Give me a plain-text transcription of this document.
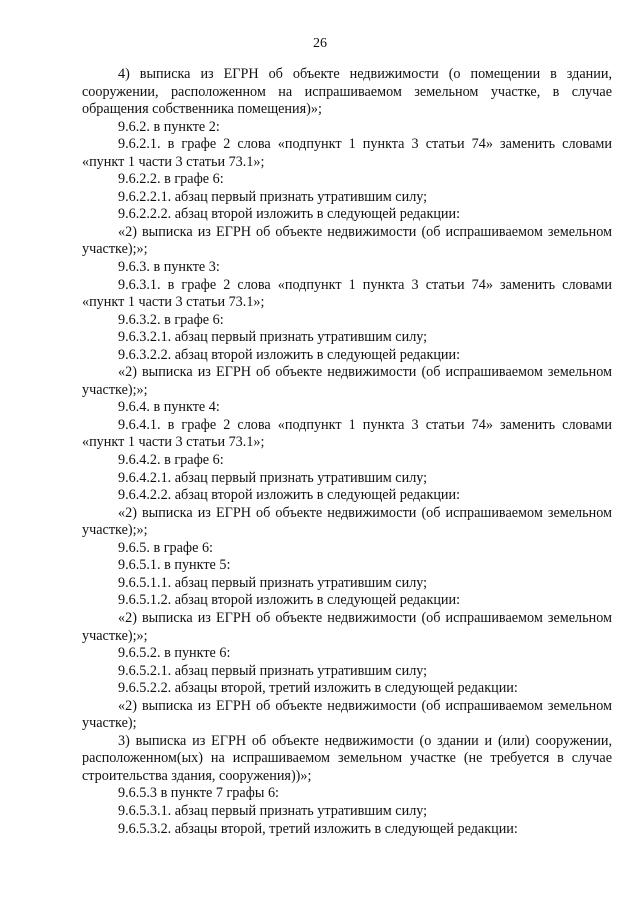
26

4) выписка из ЕГРН об объекте недвижимости (о помещении в здании, сооружении, расположенном на испрашиваемом земельном участке, в случае обращения собственника помещения)»;

9.6.2. в пункте 2:

9.6.2.1. в графе 2 слова «подпункт 1 пункта 3 статьи 74» заменить словами «пункт 1 части 3 статьи 73.1»;

9.6.2.2. в графе 6:

9.6.2.2.1. абзац первый признать утратившим силу;

9.6.2.2.2. абзац второй изложить в следующей редакции:

«2) выписка из ЕГРН об объекте недвижимости (об испрашиваемом земельном участке);»;

9.6.3. в пункте 3:

9.6.3.1. в графе 2 слова «подпункт 1 пункта 3 статьи 74» заменить словами «пункт 1 части 3 статьи 73.1»;

9.6.3.2. в графе 6:

9.6.3.2.1. абзац первый признать утратившим силу;

9.6.3.2.2. абзац второй изложить в следующей редакции:

«2) выписка из ЕГРН об объекте недвижимости (об испрашиваемом земельном участке);»;

9.6.4. в пункте 4:

9.6.4.1. в графе 2 слова «подпункт 1 пункта 3 статьи 74» заменить словами «пункт 1 части 3 статьи 73.1»;

9.6.4.2. в графе 6:

9.6.4.2.1. абзац первый признать утратившим силу;

9.6.4.2.2. абзац второй изложить в следующей редакции:

«2) выписка из ЕГРН об объекте недвижимости (об испрашиваемом земельном участке);»;

9.6.5. в графе 6:

9.6.5.1. в пункте 5:

9.6.5.1.1. абзац первый признать утратившим силу;

9.6.5.1.2. абзац второй изложить в следующей редакции:

«2) выписка из ЕГРН об объекте недвижимости (об испрашиваемом земельном участке);»;

9.6.5.2. в пункте 6:

9.6.5.2.1. абзац первый признать утратившим силу;

9.6.5.2.2. абзацы второй, третий изложить в следующей редакции:

«2) выписка из ЕГРН об объекте недвижимости (об испрашиваемом земельном участке);

3) выписка из ЕГРН об объекте недвижимости (о здании и (или) сооружении, расположенном(ых) на испрашиваемом земельном участке (не требуется в случае строительства здания, сооружения))»;

9.6.5.3 в пункте 7 графы 6:

9.6.5.3.1. абзац первый признать утратившим силу;

9.6.5.3.2. абзацы второй, третий изложить в следующей редакции:
